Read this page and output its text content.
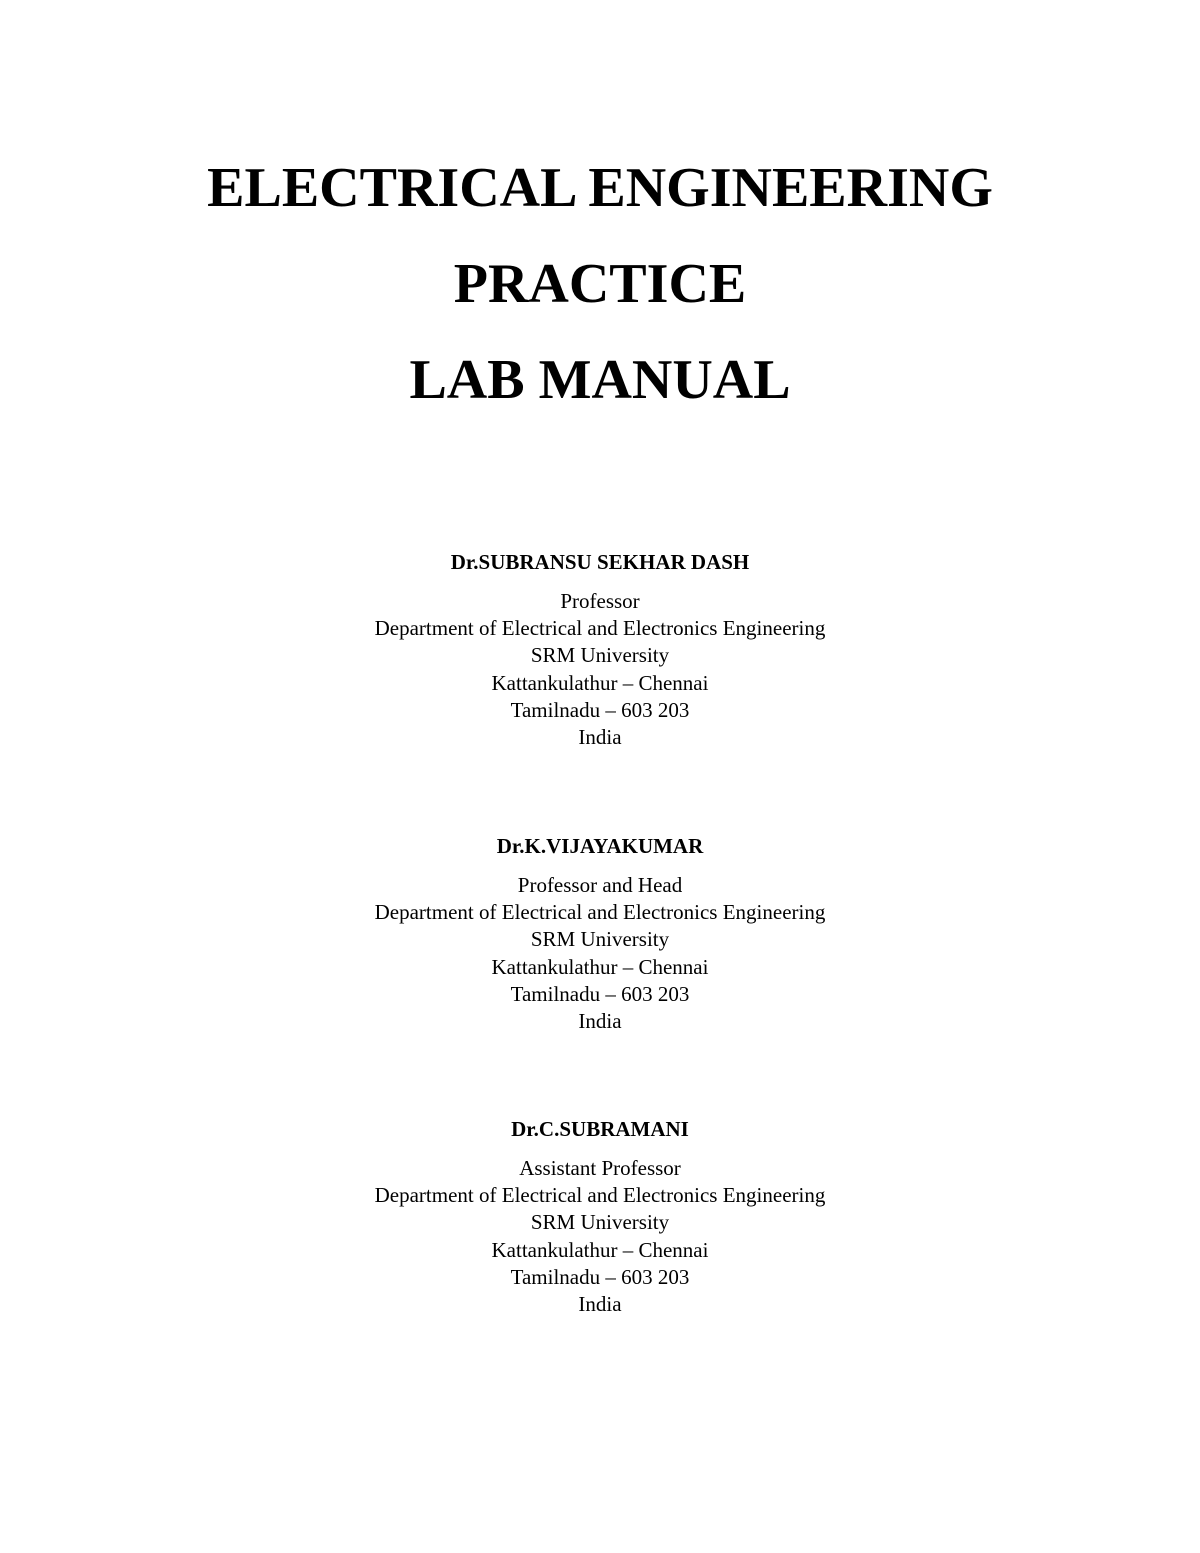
ELECTRICAL ENGINEERING
PRACTICE
LAB MANUAL
Dr.SUBRANSU SEKHAR DASH
Professor
Department of Electrical and Electronics Engineering
SRM University
Kattankulathur – Chennai
Tamilnadu – 603 203
India
Dr.K.VIJAYAKUMAR
Professor and Head
Department of Electrical and Electronics Engineering
SRM University
Kattankulathur – Chennai
Tamilnadu – 603 203
India
Dr.C.SUBRAMANI
Assistant Professor
Department of Electrical and Electronics Engineering
SRM University
Kattankulathur – Chennai
Tamilnadu – 603 203
India
